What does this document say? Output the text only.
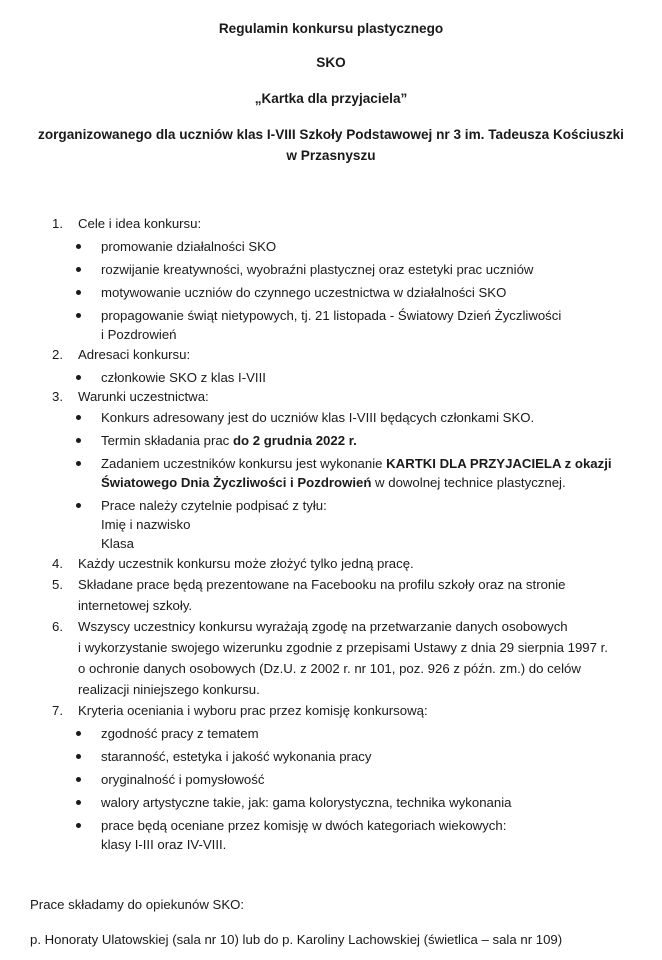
Regulamin konkursu plastycznego
SKO
„Kartka dla przyjaciela”
zorganizowanego dla uczniów klas I-VIII Szkoły Podstawowej nr 3 im. Tadeusza Kościuszki
w Przasnyszu
1. Cele i idea konkursu:
promowanie działalności SKO
rozwijanie kreatywności, wyobraźni plastycznej oraz estetyki prac uczniów
motywowanie uczniów do czynnego uczestnictwa w działalności SKO
propagowanie świąt nietypowych, tj. 21 listopada - Światowy Dzień Życzliwości
i Pozdrowień
2. Adresaci konkursu:
członkowie SKO z klas I-VIII
3. Warunki uczestnictwa:
Konkurs adresowany jest do uczniów klas I-VIII będących członkami SKO.
Termin składania prac do 2 grudnia 2022 r.
Zadaniem uczestników konkursu jest wykonanie KARTKI DLA PRZYJACIELA z okazji
Światowego Dnia Życzliwości i Pozdrowień w dowolnej technice plastycznej.
Prace należy czytelnie podpisać z tyłu:
Imię i nazwisko
Klasa
4. Każdy uczestnik konkursu może złożyć tylko jedną pracę.
5. Składane prace będą prezentowane na Facebooku na profilu szkoły oraz na stronie
internetowej szkoły.
6. Wszyscy uczestnicy konkursu wyrażają zgodę na przetwarzanie danych osobowych
i wykorzystanie swojego wizerunku zgodnie z przepisami Ustawy z dnia 29 sierpnia 1997 r.
o ochronie danych osobowych (Dz.U. z 2002 r. nr 101, poz. 926 z późn. zm.) do celów
realizacji niniejszego konkursu.
7. Kryteria oceniania i wyboru prac przez komisję konkursową:
zgodność pracy z tematem
staranność, estetyka i jakość wykonania pracy
oryginalność i pomysłowość
walory artystyczne takie, jak: gama kolorystyczna, technika wykonania
prace będą oceniane przez komisję w dwóch kategoriach wiekowych:
klasy I-III oraz IV-VIII.
Prace składamy do opiekunów SKO:
p. Honoraty Ulatowskiej (sala nr 10) lub do p. Karoliny Lachowskiej (świetlica – sala nr 109)
